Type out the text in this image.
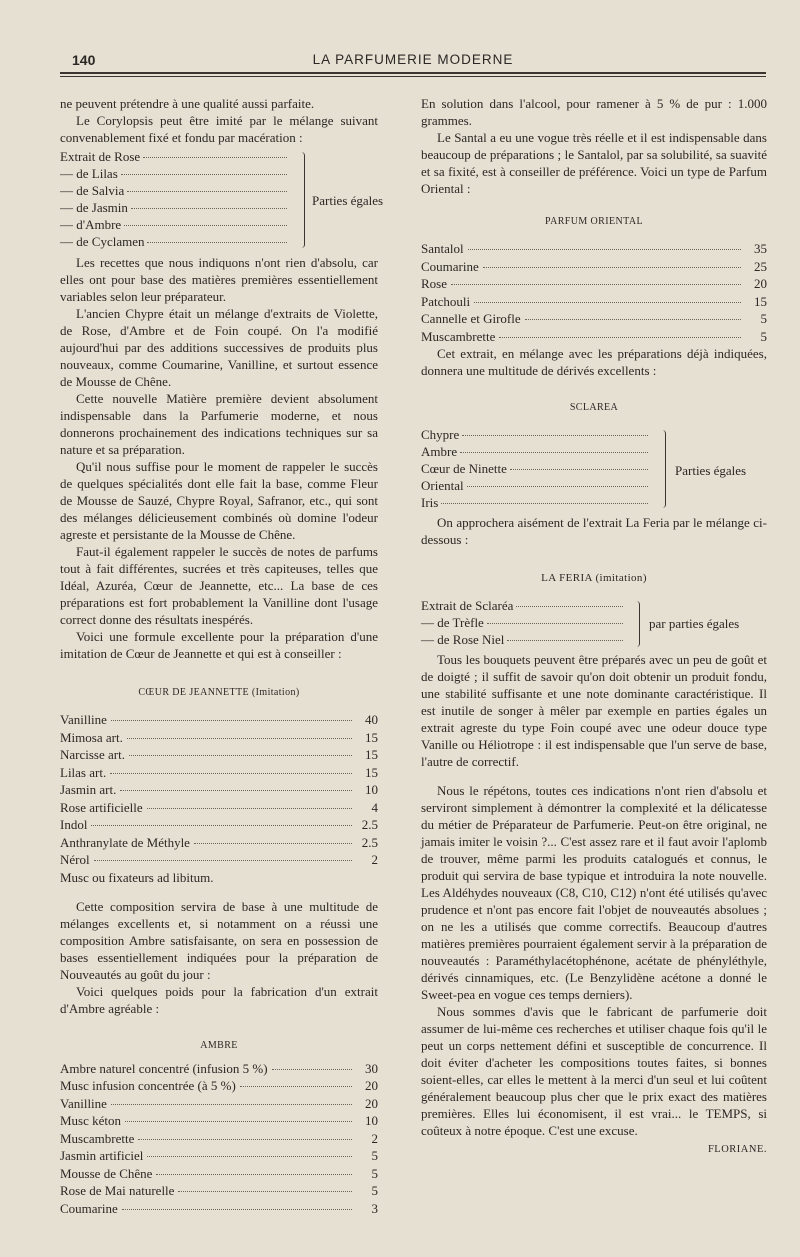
140	LA PARFUMERIE MODERNE

ne peuvent prétendre à une qualité aussi parfaite.

Le Corylopsis peut être imité par le mélange suivant convenablement fixé et fondu par macération :

Extrait de Rose
— de Lilas
— de Salvia
— de Jasmin
— d'Ambre
— de Cyclamen
Parties égales

Les recettes que nous indiquons n'ont rien d'absolu, car elles ont pour base des matières premières essentiellement variables selon leur préparateur.

L'ancien Chypre était un mélange d'extraits de Violette, de Rose, d'Ambre et de Foin coupé. On l'a modifié aujourd'hui par des additions successives de produits plus nouveaux, comme Coumarine, Vanilline, et surtout essence de Mousse de Chêne.

Cette nouvelle Matière première devient absolument indispensable dans la Parfumerie moderne, et nous donnerons prochainement des indications techniques sur sa nature et sa préparation.

Qu'il nous suffise pour le moment de rappeler le succès de quelques spécialités dont elle fait la base, comme Fleur de Mousse de Sauzé, Chypre Royal, Safranor, etc., qui sont des mélanges délicieusement combinés où domine l'odeur agreste et persistante de la Mousse de Chêne.

Faut-il également rappeler le succès de notes de parfums tout à fait différentes, sucrées et très capiteuses, telles que Idéal, Azuréa, Cœur de Jeannette, etc... La base de ces préparations est fort probablement la Vanilline dont l'usage correct donne des résultats inespérés.

Voici une formule excellente pour la préparation d'une imitation de Cœur de Jeannette et qui est à conseiller :

CŒUR DE JEANNETTE (Imitation)
Vanilline	40
Mimosa art.	15
Narcisse art.	15
Lilas art.	15
Jasmin art.	10
Rose artificielle	4
Indol	2.5
Anthranylate de Méthyle	2.5
Nérol	2

Musc ou fixateurs ad libitum.

Cette composition servira de base à une multitude de mélanges excellents et, si notamment on a réussi une composition Ambre satisfaisante, on sera en possession de bases essentiellement indiquées pour la préparation de Nouveautés au goût du jour :

Voici quelques poids pour la fabrication d'un extrait d'Ambre agréable :

AMBRE
Ambre naturel concentré (infusion 5 %)	30
Musc infusion concentrée (à 5 %)	20
Vanilline	20
Musc kéton	10
Muscambrette	2
Jasmin artificiel	5
Mousse de Chêne	5
Rose de Mai naturelle	5
Coumarine	3

En solution dans l'alcool, pour ramener à 5 % de pur : 1.000 grammes.

Le Santal a eu une vogue très réelle et il est indispensable dans beaucoup de préparations ; le Santalol, par sa solubilité, sa suavité et sa fixité, est à conseiller de préférence. Voici un type de Parfum Oriental :

PARFUM ORIENTAL
Santalol	35
Coumarine	25
Rose	20
Patchouli	15
Cannelle et Girofle	5
Muscambrette	5

Cet extrait, en mélange avec les préparations déjà indiquées, donnera une multitude de dérivés excellents :

SCLAREA
Chypre
Ambre
Cœur de Ninette
Oriental
Iris
Parties égales

On approchera aisément de l'extrait La Feria par le mélange ci-dessous :

LA FERIA (imitation)
Extrait de Sclaréa
— de Trèfle
— de Rose Niel
par parties égales

Tous les bouquets peuvent être préparés avec un peu de goût et de doigté ; il suffit de savoir qu'on doit obtenir un produit fondu, une stabilité suffisante et une note dominante caractéristique. Il est inutile de songer à mêler par exemple en parties égales un extrait agreste du type Foin coupé avec une odeur douce type Vanille ou Héliotrope : il est indispensable que l'un serve de base, l'autre de correctif.

Nous le répétons, toutes ces indications n'ont rien d'absolu et serviront simplement à démontrer la complexité et la délicatesse du métier de Préparateur de Parfumerie. Peut-on être original, ne jamais imiter le voisin ?... C'est assez rare et il faut avoir l'aplomb de trouver, même parmi les produits catalogués et connus, le produit qui servira de base typique et introduira la note nouvelle. Les Aldéhydes nouveaux (C8, C10, C12) n'ont été utilisés qu'avec prudence et n'ont pas encore fait l'objet de nouveautés absolues ; on ne les a utilisés que comme correctifs. Beaucoup d'autres matières premières pourraient également servir à la préparation de nouveautés : Paraméthylacétophénone, acétate de phényléthyle, dérivés cinnamiques, etc. (Le Benzylidène acétone a donné le Sweet-pea en vogue ces temps derniers).

Nous sommes d'avis que le fabricant de parfumerie doit assumer de lui-même ces recherches et utiliser chaque fois qu'il le peut un corps nettement défini et susceptible de concurrence. Il doit éviter d'acheter les compositions toutes faites, si bonnes soient-elles, car elles le mettent à la merci d'un seul et lui coûtent généralement beaucoup plus cher que le prix exact des matières premières. Elles lui économisent, il est vrai... le TEMPS, si coûteux à notre époque. C'est une excuse.

FLORIANE.
